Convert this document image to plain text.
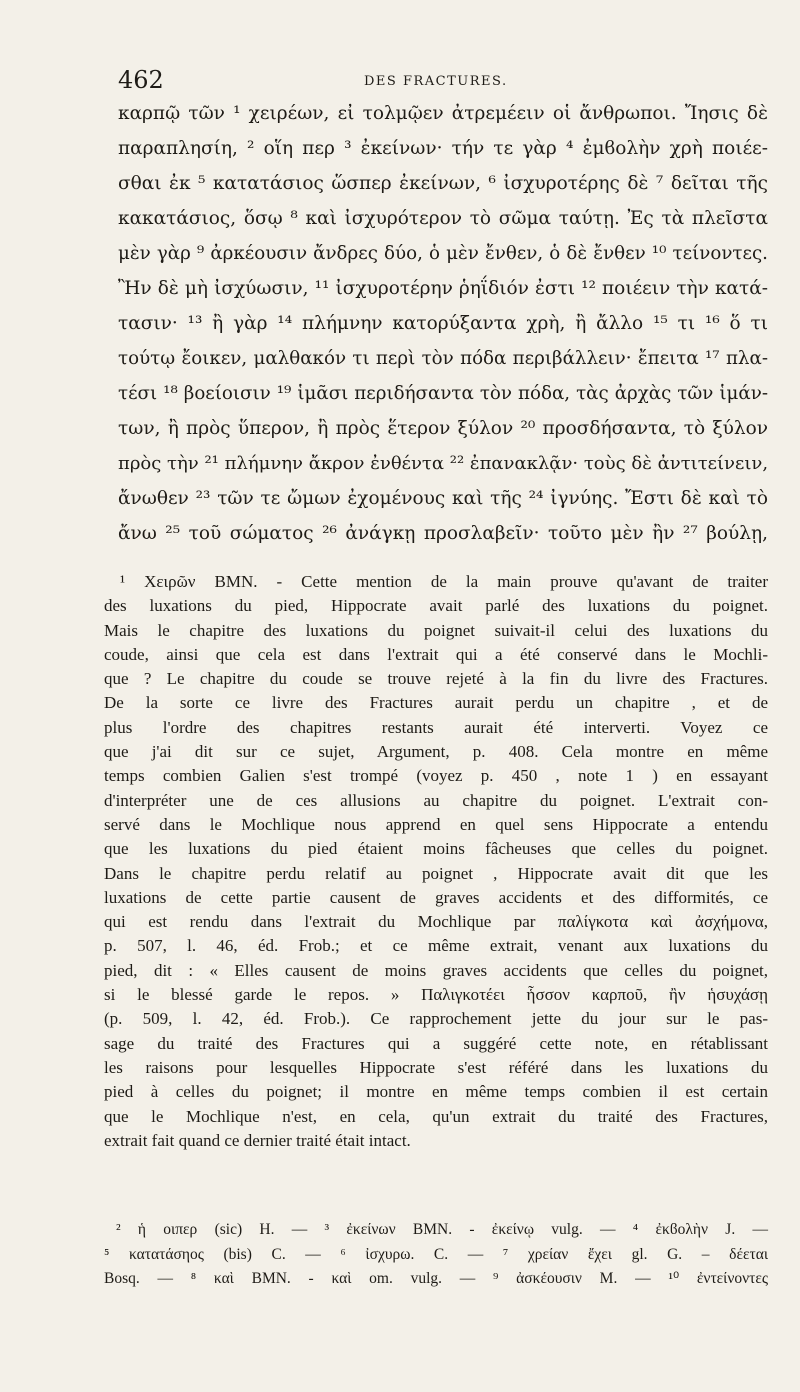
462	DES FRACTURES.
καρπῷ τῶν ¹ χειρέων, εἰ τολμῷεν ἀτρεμέειν οἱ ἄνθρωποι. Ἴησις δὲ
παραπλησίη, ² οἵη περ ³ ἐκείνων· τήν τε γὰρ ⁴ ἐμϐολὴν χρὴ ποιέε-
σθαι ἐκ ⁵ κατατάσιος ὥσπερ ἐκείνων, ⁶ ἰσχυροτέρης δὲ ⁷ δεῖται τῆς
κακατάσιος, ὅσῳ ⁸ καὶ ἰσχυρότερον τὸ σῶμα ταύτῃ. Ἐς τὰ πλεῖστα
μὲν γὰρ ⁹ ἀρκέουσιν ἄνδρες δύο, ὁ μὲν ἔνθεν, ὁ δὲ ἔνθεν ¹⁰ τείνοντες.
Ἢν δὲ μὴ ἰσχύωσιν, ¹¹ ἰσχυροτέρην ῥηΐδιόν ἐστι ¹² ποιέειν τὴν κατά-
τασιν· ¹³ ἢ γὰρ ¹⁴ πλήμνην κατορύξαντα χρὴ, ἢ ἄλλο ¹⁵ τι ¹⁶ ὅ τι
τούτῳ ἔοικεν, μαλθακόν τι περὶ τὸν πόδα περιβάλλειν· ἔπειτα ¹⁷ πλα-
τέσι ¹⁸ βοείοισιν ¹⁹ ἱμᾶσι περιδήσαντα τὸν πόδα, τὰς ἀρχὰς τῶν ἱμάν-
των, ἢ πρὸς ὕπερον, ἢ πρὸς ἕτερον ξύλον ²⁰ προσδήσαντα, τὸ ξύλον
πρὸς τὴν ²¹ πλήμνην ἄκρον ἐνθέντα ²² ἐπανακλᾷν· τοὺς δὲ ἀντιτείνειν,
ἄνωθεν ²³ τῶν τε ὤμων ἐχομένους καὶ τῆς ²⁴ ἰγνύης. Ἔστι δὲ καὶ τὸ
ἄνω ²⁵ τοῦ σώματος ²⁶ ἀνάγκῃ προσλαβεῖν· τοῦτο μὲν ἢν ²⁷ βούλῃ,
¹ Χειρῶν BMN. - Cette mention de la main prouve qu'avant de traiter
des luxations du pied, Hippocrate avait parlé des luxations du poignet.
Mais le chapitre des luxations du poignet suivait-il celui des luxations du
coude, ainsi que cela est dans l'extrait qui a été conservé dans le Mochli-
que ? Le chapitre du coude se trouve rejeté à la fin du livre des Fractures.
De la sorte ce livre des Fractures aurait perdu un chapitre , et de
plus l'ordre des chapitres restants aurait été interverti. Voyez ce
que j'ai dit sur ce sujet, Argument, p. 408. Cela montre en même
temps combien Galien s'est trompé (voyez p. 450 , note 1 ) en essayant
d'interpréter une de ces allusions au chapitre du poignet. L'extrait con-
servé dans le Mochlique nous apprend en quel sens Hippocrate a entendu
que les luxations du pied étaient moins fâcheuses que celles du poignet.
Dans le chapitre perdu relatif au poignet , Hippocrate avait dit que les
luxations de cette partie causent de graves accidents et des difformités, ce
qui est rendu dans l'extrait du Mochlique par παλίγκοτα καὶ ἀσχήμονα,
p. 507, l. 46, éd. Frob.; et ce même extrait, venant aux luxations du
pied, dit : « Elles causent de moins graves accidents que celles du poignet,
si le blessé garde le repos. » Παλιγκοτέει ἧσσον καρποῦ, ἢν ἡσυχάσῃ
(p. 509, l. 42, éd. Frob.). Ce rapprochement jette du jour sur le pas-
sage du traité des Fractures qui a suggéré cette note, en rétablissant
les raisons pour lesquelles Hippocrate s'est référé dans les luxations du
pied à celles du poignet; il montre en même temps combien il est certain
que le Mochlique n'est, en cela, qu'un extrait du traité des Fractures,
extrait fait quand ce dernier traité était intact.
² ἡ οιπερ (sic) H. — ³ ἐκείνων BMN. - ἐκείνῳ vulg. — ⁴ ἐκϐολὴν J. —
⁵ κατατάσηος (bis) C. — ⁶ ἰσχυρω. C. — ⁷ χρείαν ἔχει gl. G. – δέεται
Bosq. — ⁸ καὶ BMN. - καὶ om. vulg. — ⁹ ἀσκέουσιν M. — ¹⁰ ἐντείνοντες
